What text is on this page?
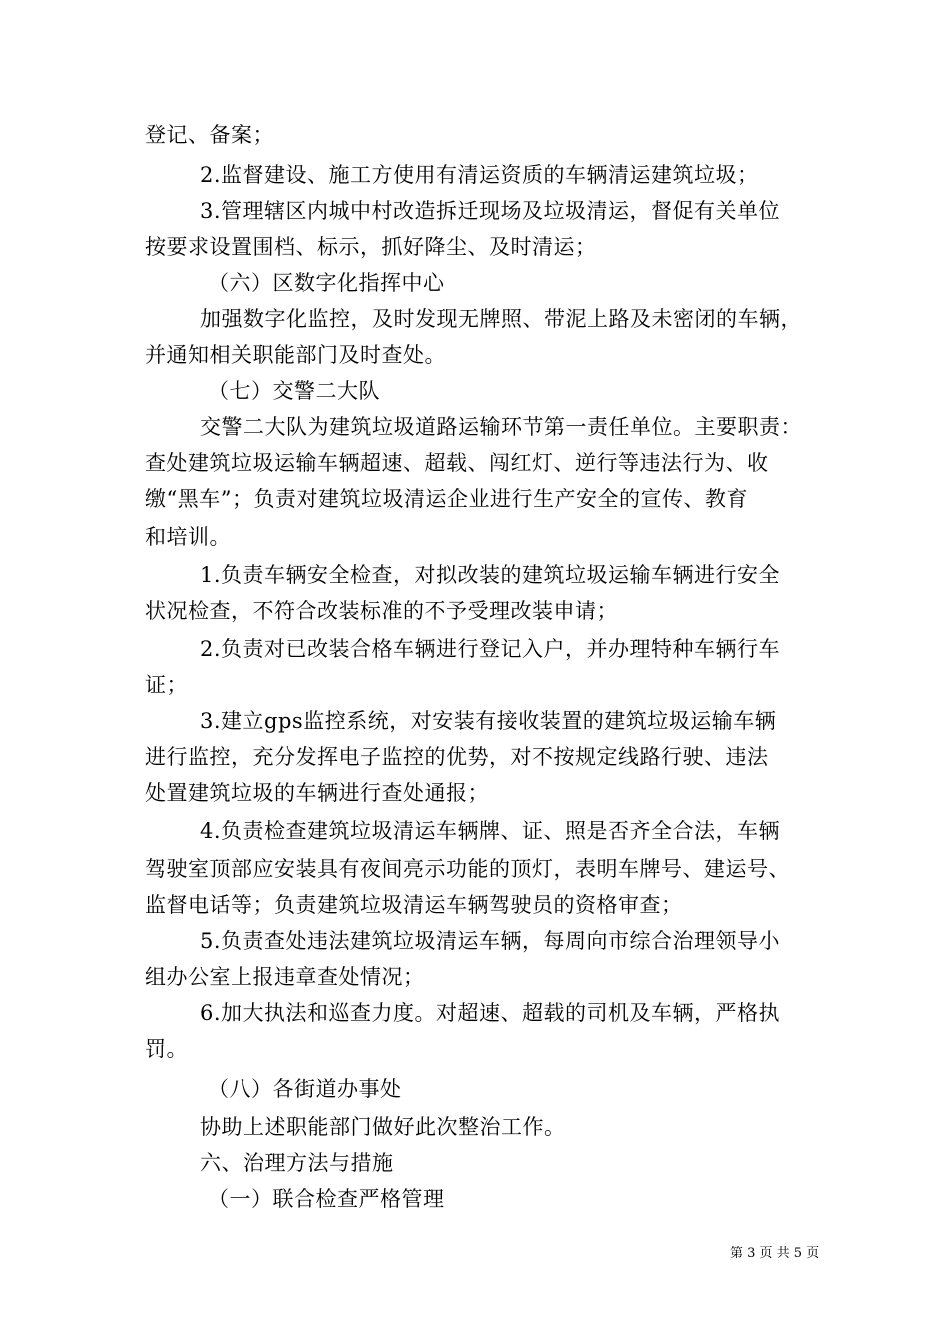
登记、备案；
2.监督建设、施工方使用有清运资质的车辆清运建筑垃圾；
3.管理辖区内城中村改造拆迁现场及垃圾清运，督促有关单位
按要求设置围档、标示，抓好降尘、及时清运；
（六）区数字化指挥中心
加强数字化监控，及时发现无牌照、带泥上路及未密闭的车辆，
并通知相关职能部门及时查处。
（七）交警二大队
交警二大队为建筑垃圾道路运输环节第一责任单位。主要职责：
查处建筑垃圾运输车辆超速、超载、闯红灯、逆行等违法行为、收
缴“黑车”；负责对建筑垃圾清运企业进行生产安全的宣传、教育
和培训。
1.负责车辆安全检查，对拟改装的建筑垃圾运输车辆进行安全
状况检查，不符合改装标准的不予受理改装申请；
2.负责对已改装合格车辆进行登记入户，并办理特种车辆行车
证；
3.建立gps监控系统，对安装有接收装置的建筑垃圾运输车辆
进行监控，充分发挥电子监控的优势，对不按规定线路行驶、违法
处置建筑垃圾的车辆进行查处通报；
4.负责检查建筑垃圾清运车辆牌、证、照是否齐全合法，车辆
驾驶室顶部应安装具有夜间亮示功能的顶灯，表明车牌号、建运号、
监督电话等；负责建筑垃圾清运车辆驾驶员的资格审查；
5.负责查处违法建筑垃圾清运车辆，每周向市综合治理领导小
组办公室上报违章查处情况；
6.加大执法和巡查力度。对超速、超载的司机及车辆，严格执
罚。
（八）各街道办事处
协助上述职能部门做好此次整治工作。
六、治理方法与措施
（一）联合检查严格管理
第 3 页 共 5 页
